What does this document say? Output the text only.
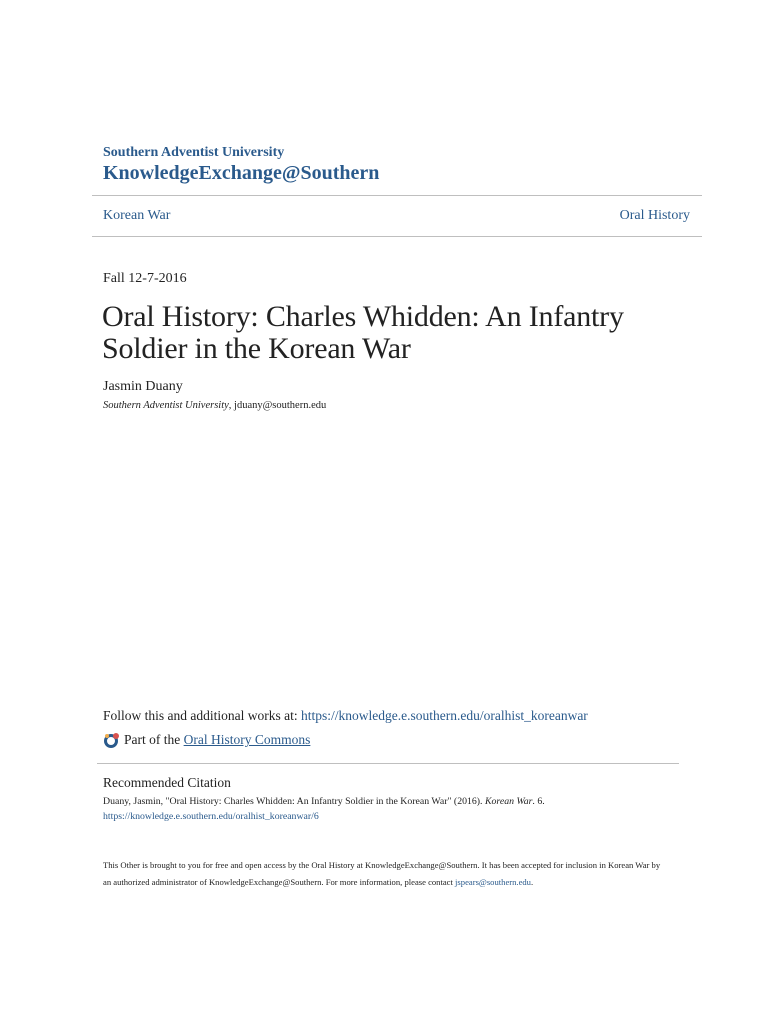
Southern Adventist University
KnowledgeExchange@Southern
Korean War	Oral History
Fall 12-7-2016
Oral History: Charles Whidden: An Infantry Soldier in the Korean War
Jasmin Duany
Southern Adventist University, jduany@southern.edu
Follow this and additional works at: https://knowledge.e.southern.edu/oralhist_koreanwar
Part of the
Oral History Commons
Recommended Citation
Duany, Jasmin, "Oral History: Charles Whidden: An Infantry Soldier in the Korean War" (2016). Korean War. 6.
https://knowledge.e.southern.edu/oralhist_koreanwar/6
This Other is brought to you for free and open access by the Oral History at KnowledgeExchange@Southern. It has been accepted for inclusion in Korean War by an authorized administrator of KnowledgeExchange@Southern. For more information, please contact jspears@southern.edu.
